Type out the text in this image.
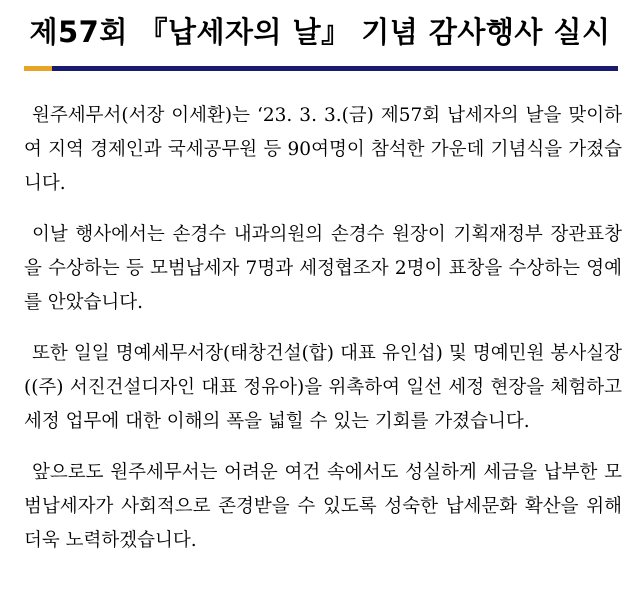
제57회 『납세자의 날』 기념 감사행사 실시

원주세무서(서장 이세환)는 ‘23. 3. 3.(금) 제57회 납세자의 날을 맞이하여 지역 경제인과 국세공무원 등 90여명이 참석한 가운데 기념식을 가졌습니다.

이날 행사에서는 손경수 내과의원의 손경수 원장이 기획재정부 장관표창을 수상하는 등 모범납세자 7명과 세정협조자 2명이 표창을 수상하는 영예를 안았습니다.

또한 일일 명예세무서장(태창건설(합) 대표 유인섭) 및 명예민원 봉사실장((주) 서진건설디자인 대표 정유아)을 위촉하여 일선 세정 현장을 체험하고 세정 업무에 대한 이해의 폭을 넓힐 수 있는 기회를 가졌습니다.

앞으로도 원주세무서는 어려운 여건 속에서도 성실하게 세금을 납부한 모범납세자가 사회적으로 존경받을 수 있도록 성숙한 납세문화 확산을 위해 더욱 노력하겠습니다.
